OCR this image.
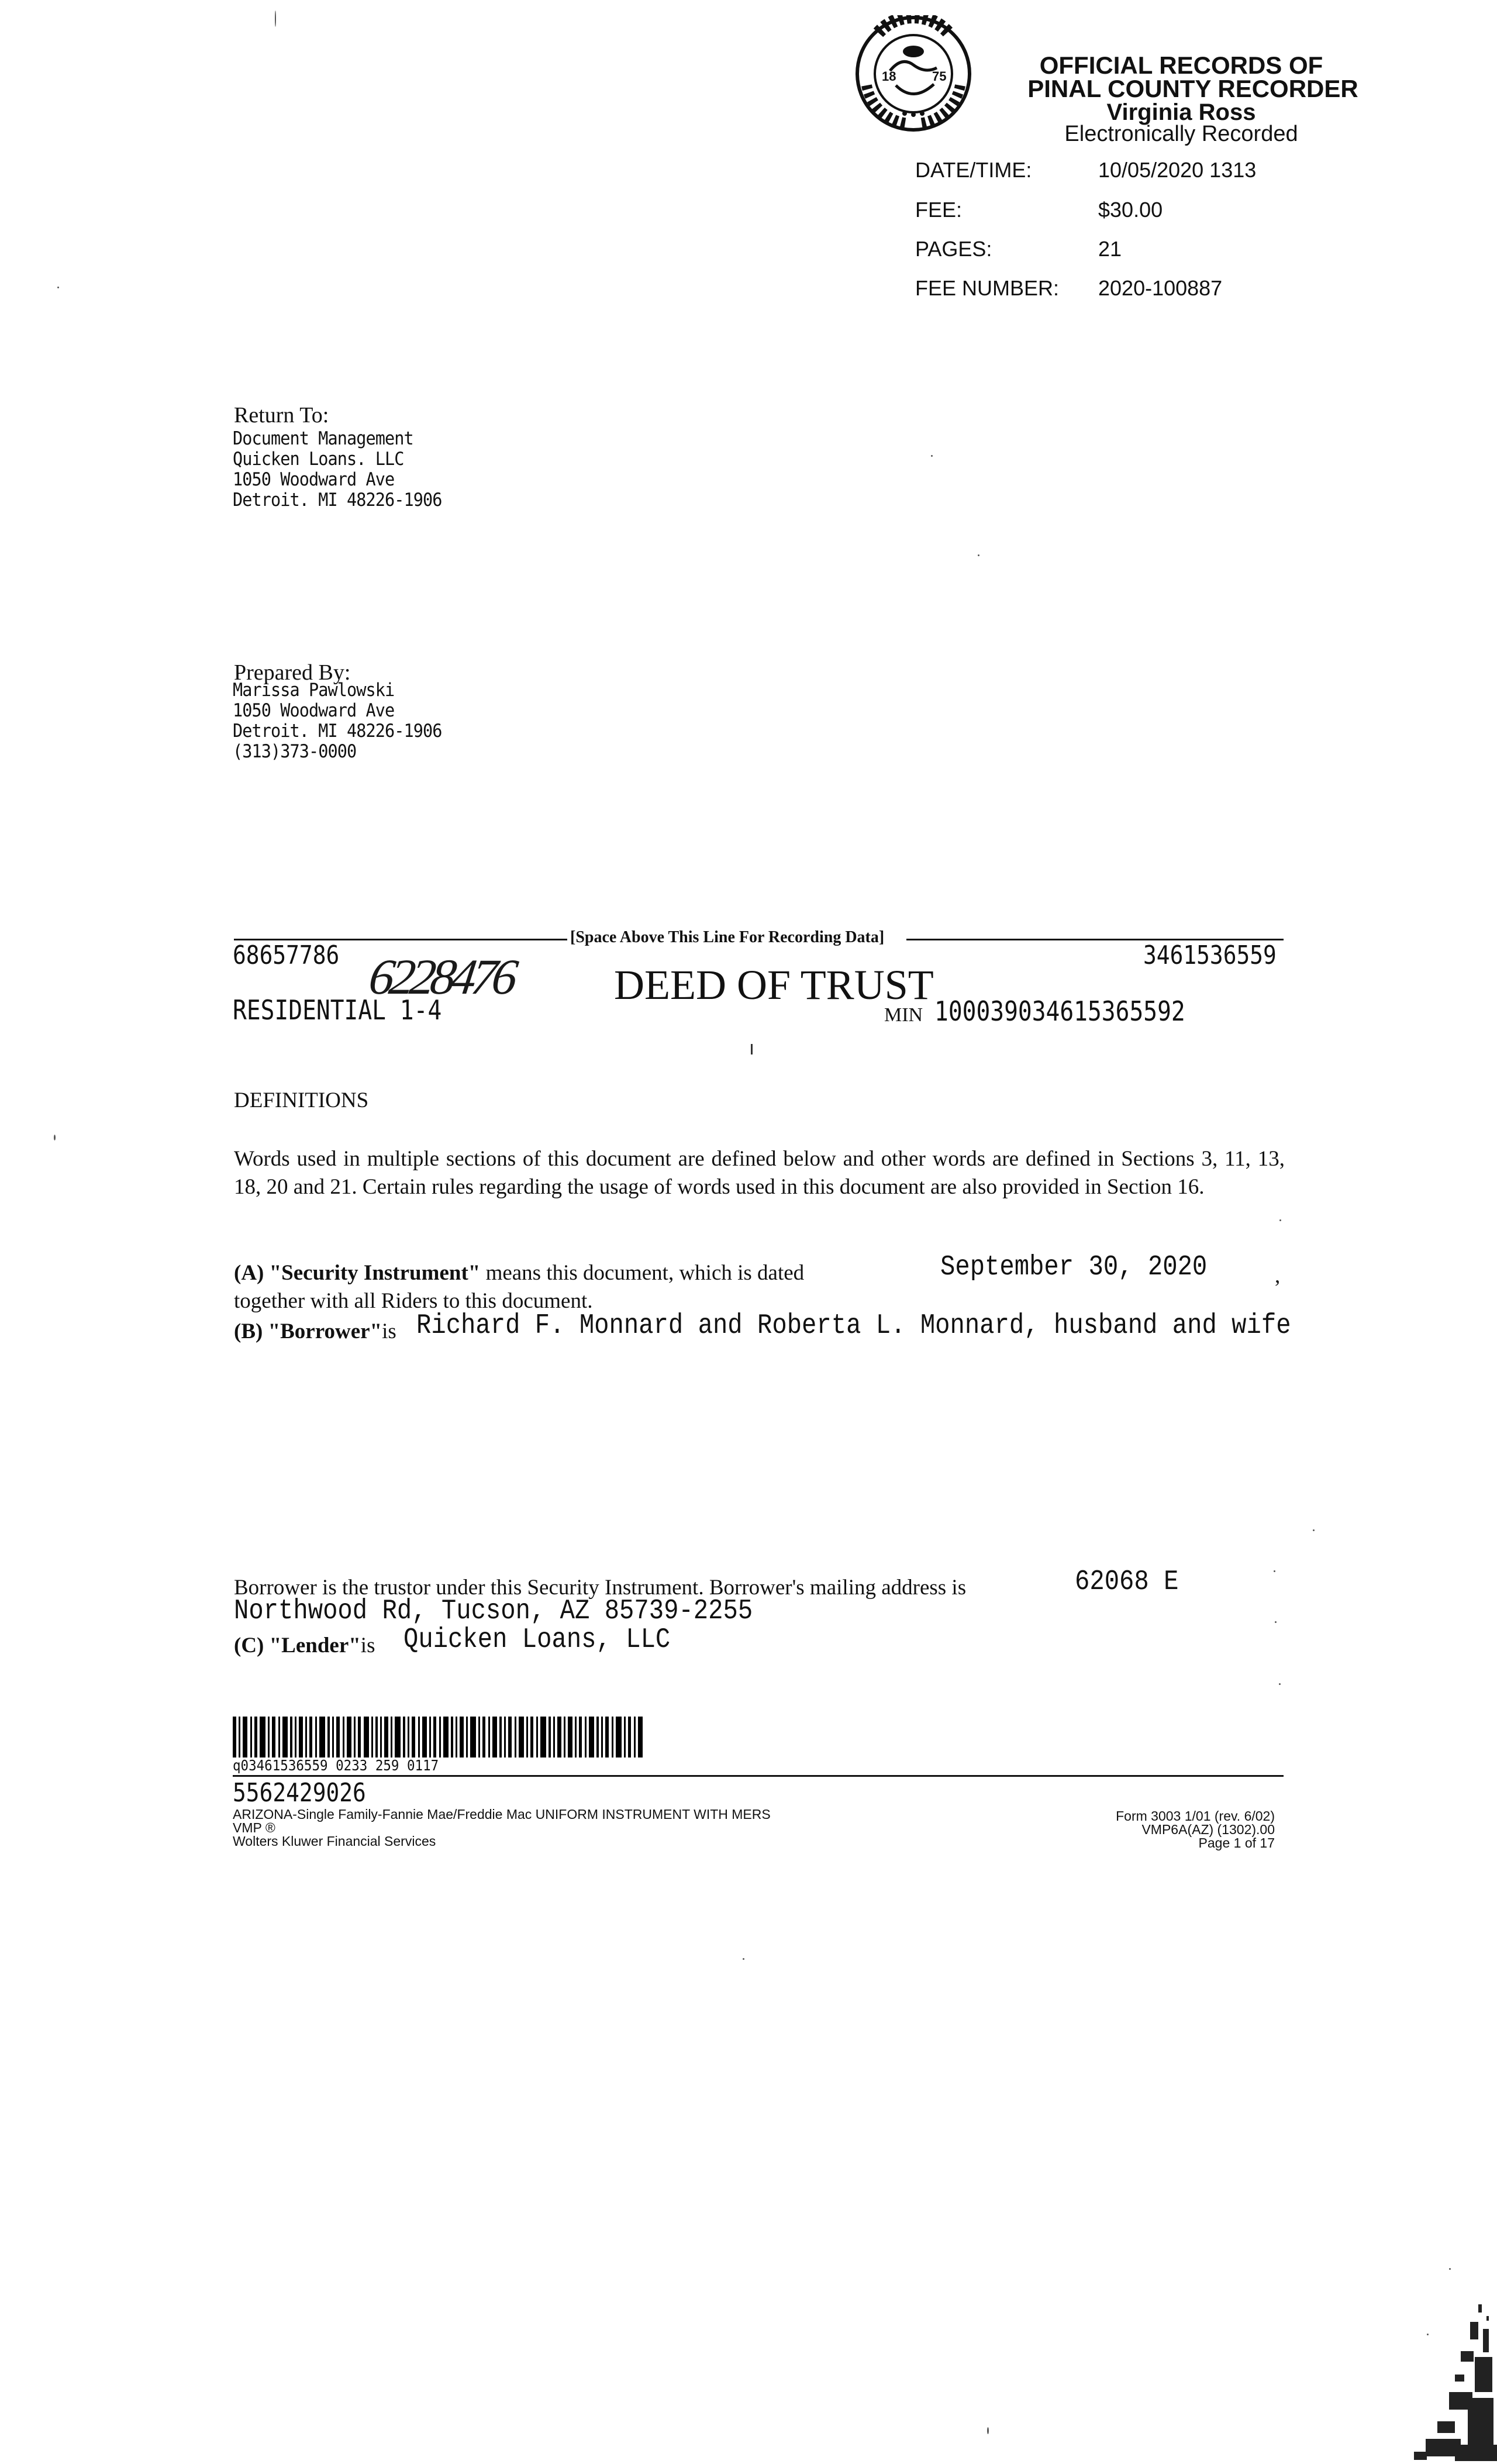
18	75	OFFICIAL RECORDS OF
PINAL COUNTY RECORDER
Virginia Ross
Electronically Recorded
DATE/TIME:	10/05/2020 1313
FEE:	$30.00
PAGES:	21
FEE NUMBER: 2020-100887
Return To:
Document Management
Quicken Loans. LLC
1050 Woodward Ave
Detroit. MI 48226-1906
Prepared By:
Marissa Pawlowski
1050 Woodward Ave
Detroit. MI 48226-1906
(313)373-0000
[Space Above This Line For Recording Data]
68657786	3461536559
6228476 DEED OF TRUST
RESIDENTIAL 1-4	MIN 100039034615365592
DEFINITIONS
Words used in multiple sections of this document are defined below and other words are defined in Sections 3, 11, 13, 18, 20 and 21. Certain rules regarding the usage of words used in this document are also provided in Section 16.
(A) "Security Instrument" means this document, which is dated	September 30, 2020	,
together with all Riders to this document.
(B) "Borrower"is Richard F. Monnard and Roberta L. Monnard, husband and wife
Borrower is the trustor under this Security Instrument. Borrower's mailing address is	62068 E
Northwood Rd, Tucson, AZ 85739-2255
(C) "Lender"is Quicken Loans, LLC
q03461536559 0233 259 0117
5562429026
ARIZONA-Single Family-Fannie Mae/Freddie Mac UNIFORM INSTRUMENT WITH MERS
VMP ®
Wolters Kluwer Financial Services
Form 3003 1/01 (rev. 6/02)
VMP6A(AZ) (1302).00
Page 1 of 17
